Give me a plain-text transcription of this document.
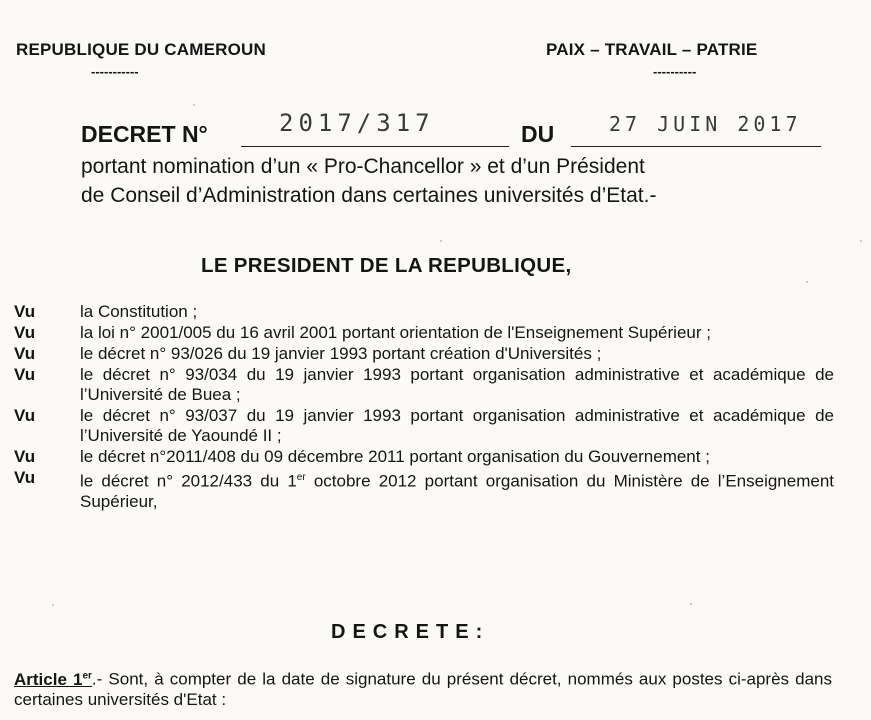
REPUBLIQUE DU CAMEROUN
-----------
PAIX – TRAVAIL – PATRIE
----------
DECRET N°	2017/317	DU	27 JUIN 2017
portant nomination d’un « Pro-Chancellor » et d’un Président
de Conseil d’Administration dans certaines universités d’Etat.-
LE PRESIDENT DE LA REPUBLIQUE,
Vu	la Constitution ;
Vu	la loi n° 2001/005 du 16 avril 2001 portant orientation de l'Enseignement Supérieur ;
Vu	le décret n° 93/026 du 19 janvier 1993 portant création d'Universités ;
Vu	le décret n° 93/034 du 19 janvier 1993 portant organisation administrative et académique de l’Université de Buea ;
Vu	le décret n° 93/037 du 19 janvier 1993 portant organisation administrative et académique de l’Université de Yaoundé II ;
Vu	le décret n°2011/408 du 09 décembre 2011 portant organisation du Gouvernement ;
Vu	le décret n° 2012/433 du 1er octobre 2012 portant organisation du Ministère de l’Enseignement Supérieur,
DECRETE:
Article 1er.- Sont, à compter de la date de signature du présent décret, nommés aux postes ci-après dans certaines universités d'Etat :
